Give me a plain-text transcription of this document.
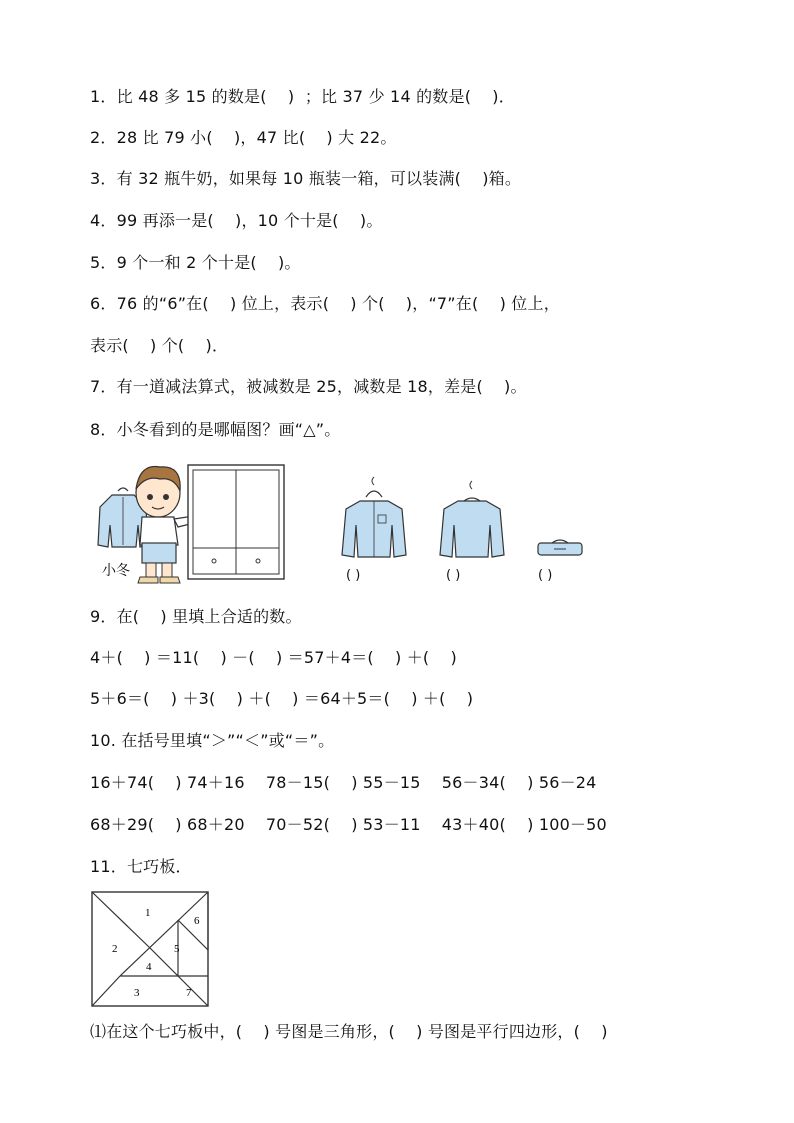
1．比 48 多 15 的数是(    )  ；比 37 少 14 的数是(    )．
2．28 比 79 小(    )，47 比(    ) 大 22。
3．有 32 瓶牛奶，如果每 10 瓶装一箱，可以装满(    )箱。
4．99 再添一是(    )，10 个十是(    )。
5．9 个一和 2 个十是(    )。
6．76 的“6”在(    ) 位上，表示(    ) 个(    )，“7”在(    ) 位上，
表示(    ) 个(    )．
7．有一道减法算式，被减数是 25，减数是 18，差是(    )。
8．小冬看到的是哪幅图？画“△”。
小冬	( )	( )	( )
9．在(    ) 里填上合适的数。
4＋(    ) ＝11(    ) －(    ) ＝57＋4＝(    ) ＋(    )
5＋6＝(    ) ＋3(    ) ＋(    ) ＝64＋5＝(    ) ＋(    )
10. 在括号里填“＞”“＜”或“＝”。
16＋74(    ) 74＋16    78－15(    ) 55－15    56－34(    ) 56－24
68＋29(    ) 68＋20    70－52(    ) 53－11    43＋40(    ) 100－50
11．七巧板．
1
2
3
4
5
6
7
⑴在这个七巧板中，(    ) 号图是三角形，(    ) 号图是平行四边形，(    )
